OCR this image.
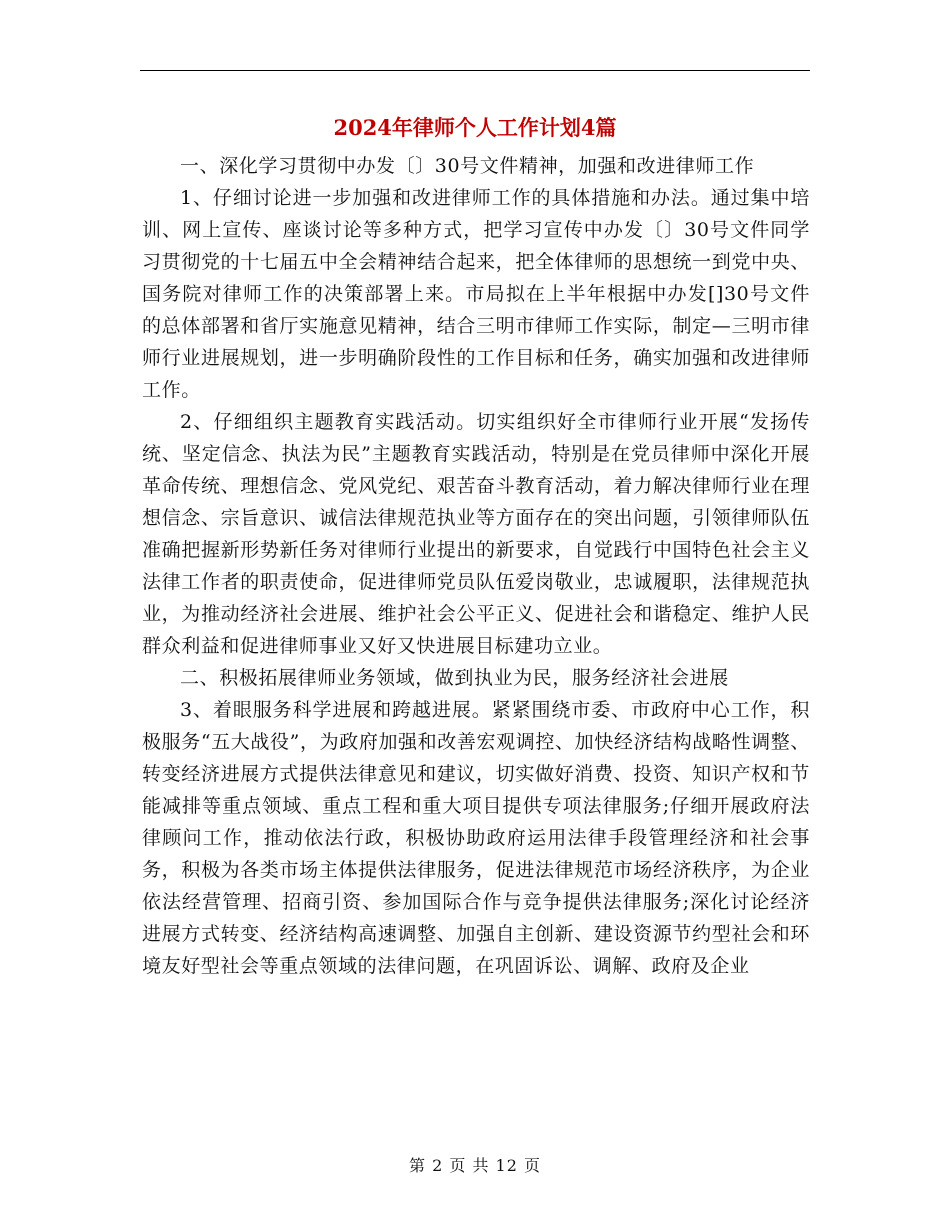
2024年律师个人工作计划4篇

一、深化学习贯彻中办发〔〕30号文件精神，加强和改进律师工作

1、仔细讨论进一步加强和改进律师工作的具体措施和办法。通过集中培训、网上宣传、座谈讨论等多种方式，把学习宣传中办发〔〕30号文件同学习贯彻党的十七届五中全会精神结合起来，把全体律师的思想统一到党中央、国务院对律师工作的决策部署上来。市局拟在上半年根据中办发[]30号文件的总体部署和省厅实施意见精神，结合三明市律师工作实际，制定—三明市律师行业进展规划，进一步明确阶段性的工作目标和任务，确实加强和改进律师工作。

2、仔细组织主题教育实践活动。切实组织好全市律师行业开展“发扬传统、坚定信念、执法为民”主题教育实践活动，特别是在党员律师中深化开展革命传统、理想信念、党风党纪、艰苦奋斗教育活动，着力解决律师行业在理想信念、宗旨意识、诚信法律规范执业等方面存在的突出问题，引领律师队伍准确把握新形势新任务对律师行业提出的新要求，自觉践行中国特色社会主义法律工作者的职责使命，促进律师党员队伍爱岗敬业，忠诚履职，法律规范执业，为推动经济社会进展、维护社会公平正义、促进社会和谐稳定、维护人民群众利益和促进律师事业又好又快进展目标建功立业。

二、积极拓展律师业务领域，做到执业为民，服务经济社会进展

3、着眼服务科学进展和跨越进展。紧紧围绕市委、市政府中心工作，积极服务“五大战役”，为政府加强和改善宏观调控、加快经济结构战略性调整、转变经济进展方式提供法律意见和建议，切实做好消费、投资、知识产权和节能减排等重点领域、重点工程和重大项目提供专项法律服务;仔细开展政府法律顾问工作，推动依法行政，积极协助政府运用法律手段管理经济和社会事务，积极为各类市场主体提供法律服务，促进法律规范市场经济秩序，为企业依法经营管理、招商引资、参加国际合作与竞争提供法律服务;深化讨论经济进展方式转变、经济结构高速调整、加强自主创新、建设资源节约型社会和环境友好型社会等重点领域的法律问题，在巩固诉讼、调解、政府及企业

第 2 页 共 12 页
